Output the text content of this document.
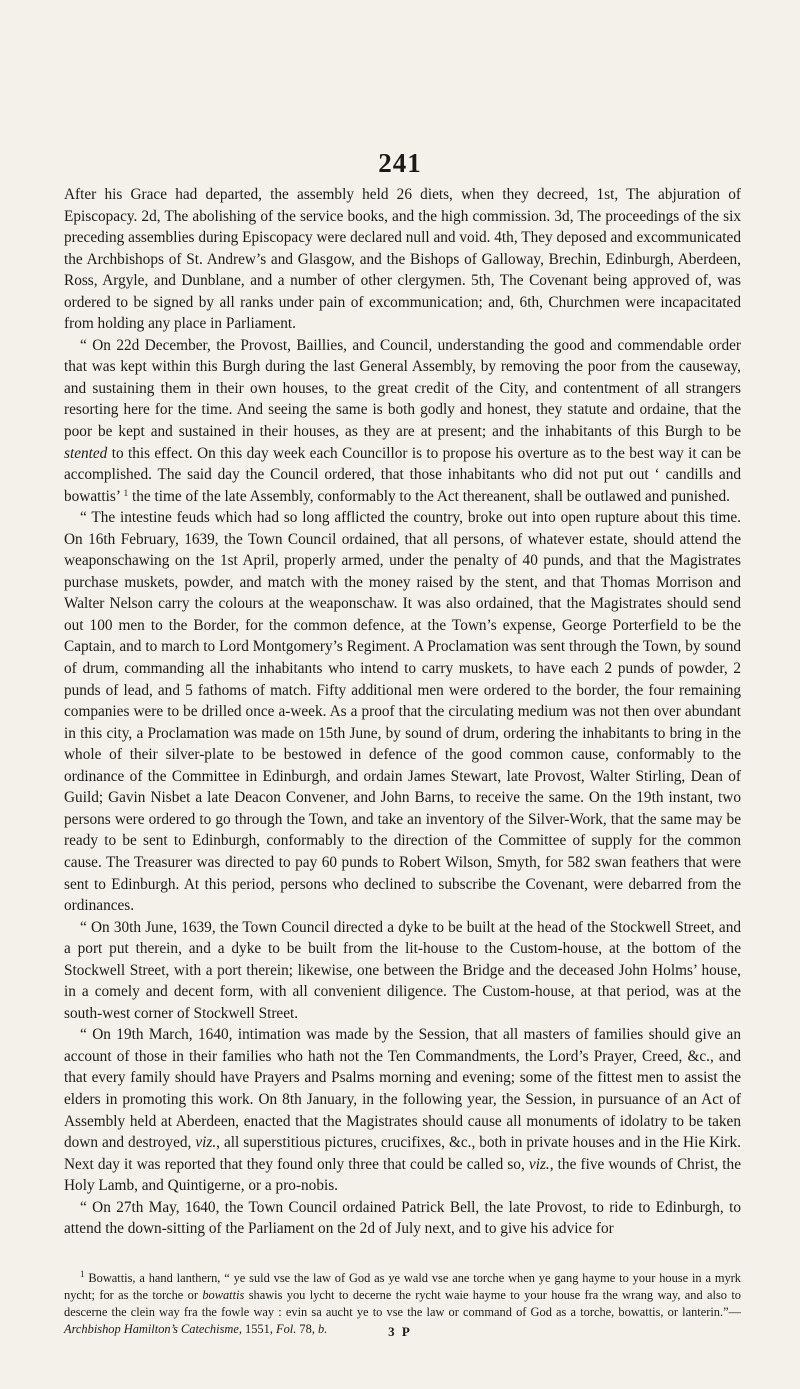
241

After his Grace had departed, the assembly held 26 diets, when they decreed, 1st, The abjuration of Episcopacy. 2d, The abolishing of the service books, and the high commission. 3d, The proceedings of the six preceding assemblies during Episcopacy were declared null and void. 4th, They deposed and excommunicated the Archbishops of St. Andrew’s and Glasgow, and the Bishops of Galloway, Brechin, Edinburgh, Aberdeen, Ross, Argyle, and Dunblane, and a number of other clergymen. 5th, The Covenant being approved of, was ordered to be signed by all ranks under pain of excommunication; and, 6th, Churchmen were incapacitated from holding any place in Parliament.

“ On 22d December, the Provost, Baillies, and Council, understanding the good and commendable order that was kept within this Burgh during the last General Assembly, by removing the poor from the causeway, and sustaining them in their own houses, to the great credit of the City, and contentment of all strangers resorting here for the time. And seeing the same is both godly and honest, they statute and ordaine, that the poor be kept and sustained in their houses, as they are at present; and the inhabitants of this Burgh to be stented to this effect. On this day week each Councillor is to propose his overture as to the best way it can be accomplished. The said day the Council ordered, that those inhabitants who did not put out ‘ candills and bowattis’ $^1$ the time of the late Assembly, conformably to the Act thereanent, shall be outlawed and punished.

“ The intestine feuds which had so long afflicted the country, broke out into open rupture about this time. On 16th February, 1639, the Town Council ordained, that all persons, of whatever estate, should attend the weaponschawing on the 1st April, properly armed, under the penalty of 40 punds, and that the Magistrates purchase muskets, powder, and match with the money raised by the stent, and that Thomas Morrison and Walter Nelson carry the colours at the weaponschaw. It was also ordained, that the Magistrates should send out 100 men to the Border, for the common defence, at the Town’s expense, George Porterfield to be the Captain, and to march to Lord Montgomery’s Regiment. A Proclamation was sent through the Town, by sound of drum, commanding all the inhabitants who intend to carry muskets, to have each 2 punds of powder, 2 punds of lead, and 5 fathoms of match. Fifty additional men were ordered to the border, the four remaining companies were to be drilled once a-week. As a proof that the circulating medium was not then over abundant in this city, a Proclamation was made on 15th June, by sound of drum, ordering the inhabitants to bring in the whole of their silver-plate to be bestowed in defence of the good common cause, conformably to the ordinance of the Committee in Edinburgh, and ordain James Stewart, late Provost, Walter Stirling, Dean of Guild; Gavin Nisbet a late Deacon Convener, and John Barns, to receive the same. On the 19th instant, two persons were ordered to go through the Town, and take an inventory of the Silver-Work, that the same may be ready to be sent to Edinburgh, conformably to the direction of the Committee of supply for the common cause. The Treasurer was directed to pay 60 punds to Robert Wilson, Smyth, for 582 swan feathers that were sent to Edinburgh. At this period, persons who declined to subscribe the Covenant, were debarred from the ordinances.

“ On 30th June, 1639, the Town Council directed a dyke to be built at the head of the Stockwell Street, and a port put therein, and a dyke to be built from the lit-house to the Custom-house, at the bottom of the Stockwell Street, with a port therein; likewise, one between the Bridge and the deceased John Holms’ house, in a comely and decent form, with all convenient diligence. The Custom-house, at that period, was at the south-west corner of Stockwell Street.

“ On 19th March, 1640, intimation was made by the Session, that all masters of families should give an account of those in their families who hath not the Ten Commandments, the Lord’s Prayer, Creed, &c., and that every family should have Prayers and Psalms morning and evening; some of the fittest men to assist the elders in promoting this work. On 8th January, in the following year, the Session, in pursuance of an Act of Assembly held at Aberdeen, enacted that the Magistrates should cause all monuments of idolatry to be taken down and destroyed, viz., all superstitious pictures, crucifixes, &c., both in private houses and in the Hie Kirk. Next day it was reported that they found only three that could be called so, viz., the five wounds of Christ, the Holy Lamb, and Quintigerne, or a pro-nobis.

“ On 27th May, 1640, the Town Council ordained Patrick Bell, the late Provost, to ride to Edinburgh, to attend the down-sitting of the Parliament on the 2d of July next, and to give his advice for

$^1$ Bowattis, a hand lanthern, “ ye suld vse the law of God as ye wald vse ane torche when ye gang hayme to your house in a myrk nycht; for as the torche or bowattis shawis you lycht to decerne the rycht waie hayme to your house fra the wrang way, and also to descerne the clein way fra the fowle way : evin sa aucht ye to vse the law or command of God as a torche, bowattis, or lanterin.”—Archbishop Hamilton’s Catechisme, 1551, Fol. 78, b.	3 P
